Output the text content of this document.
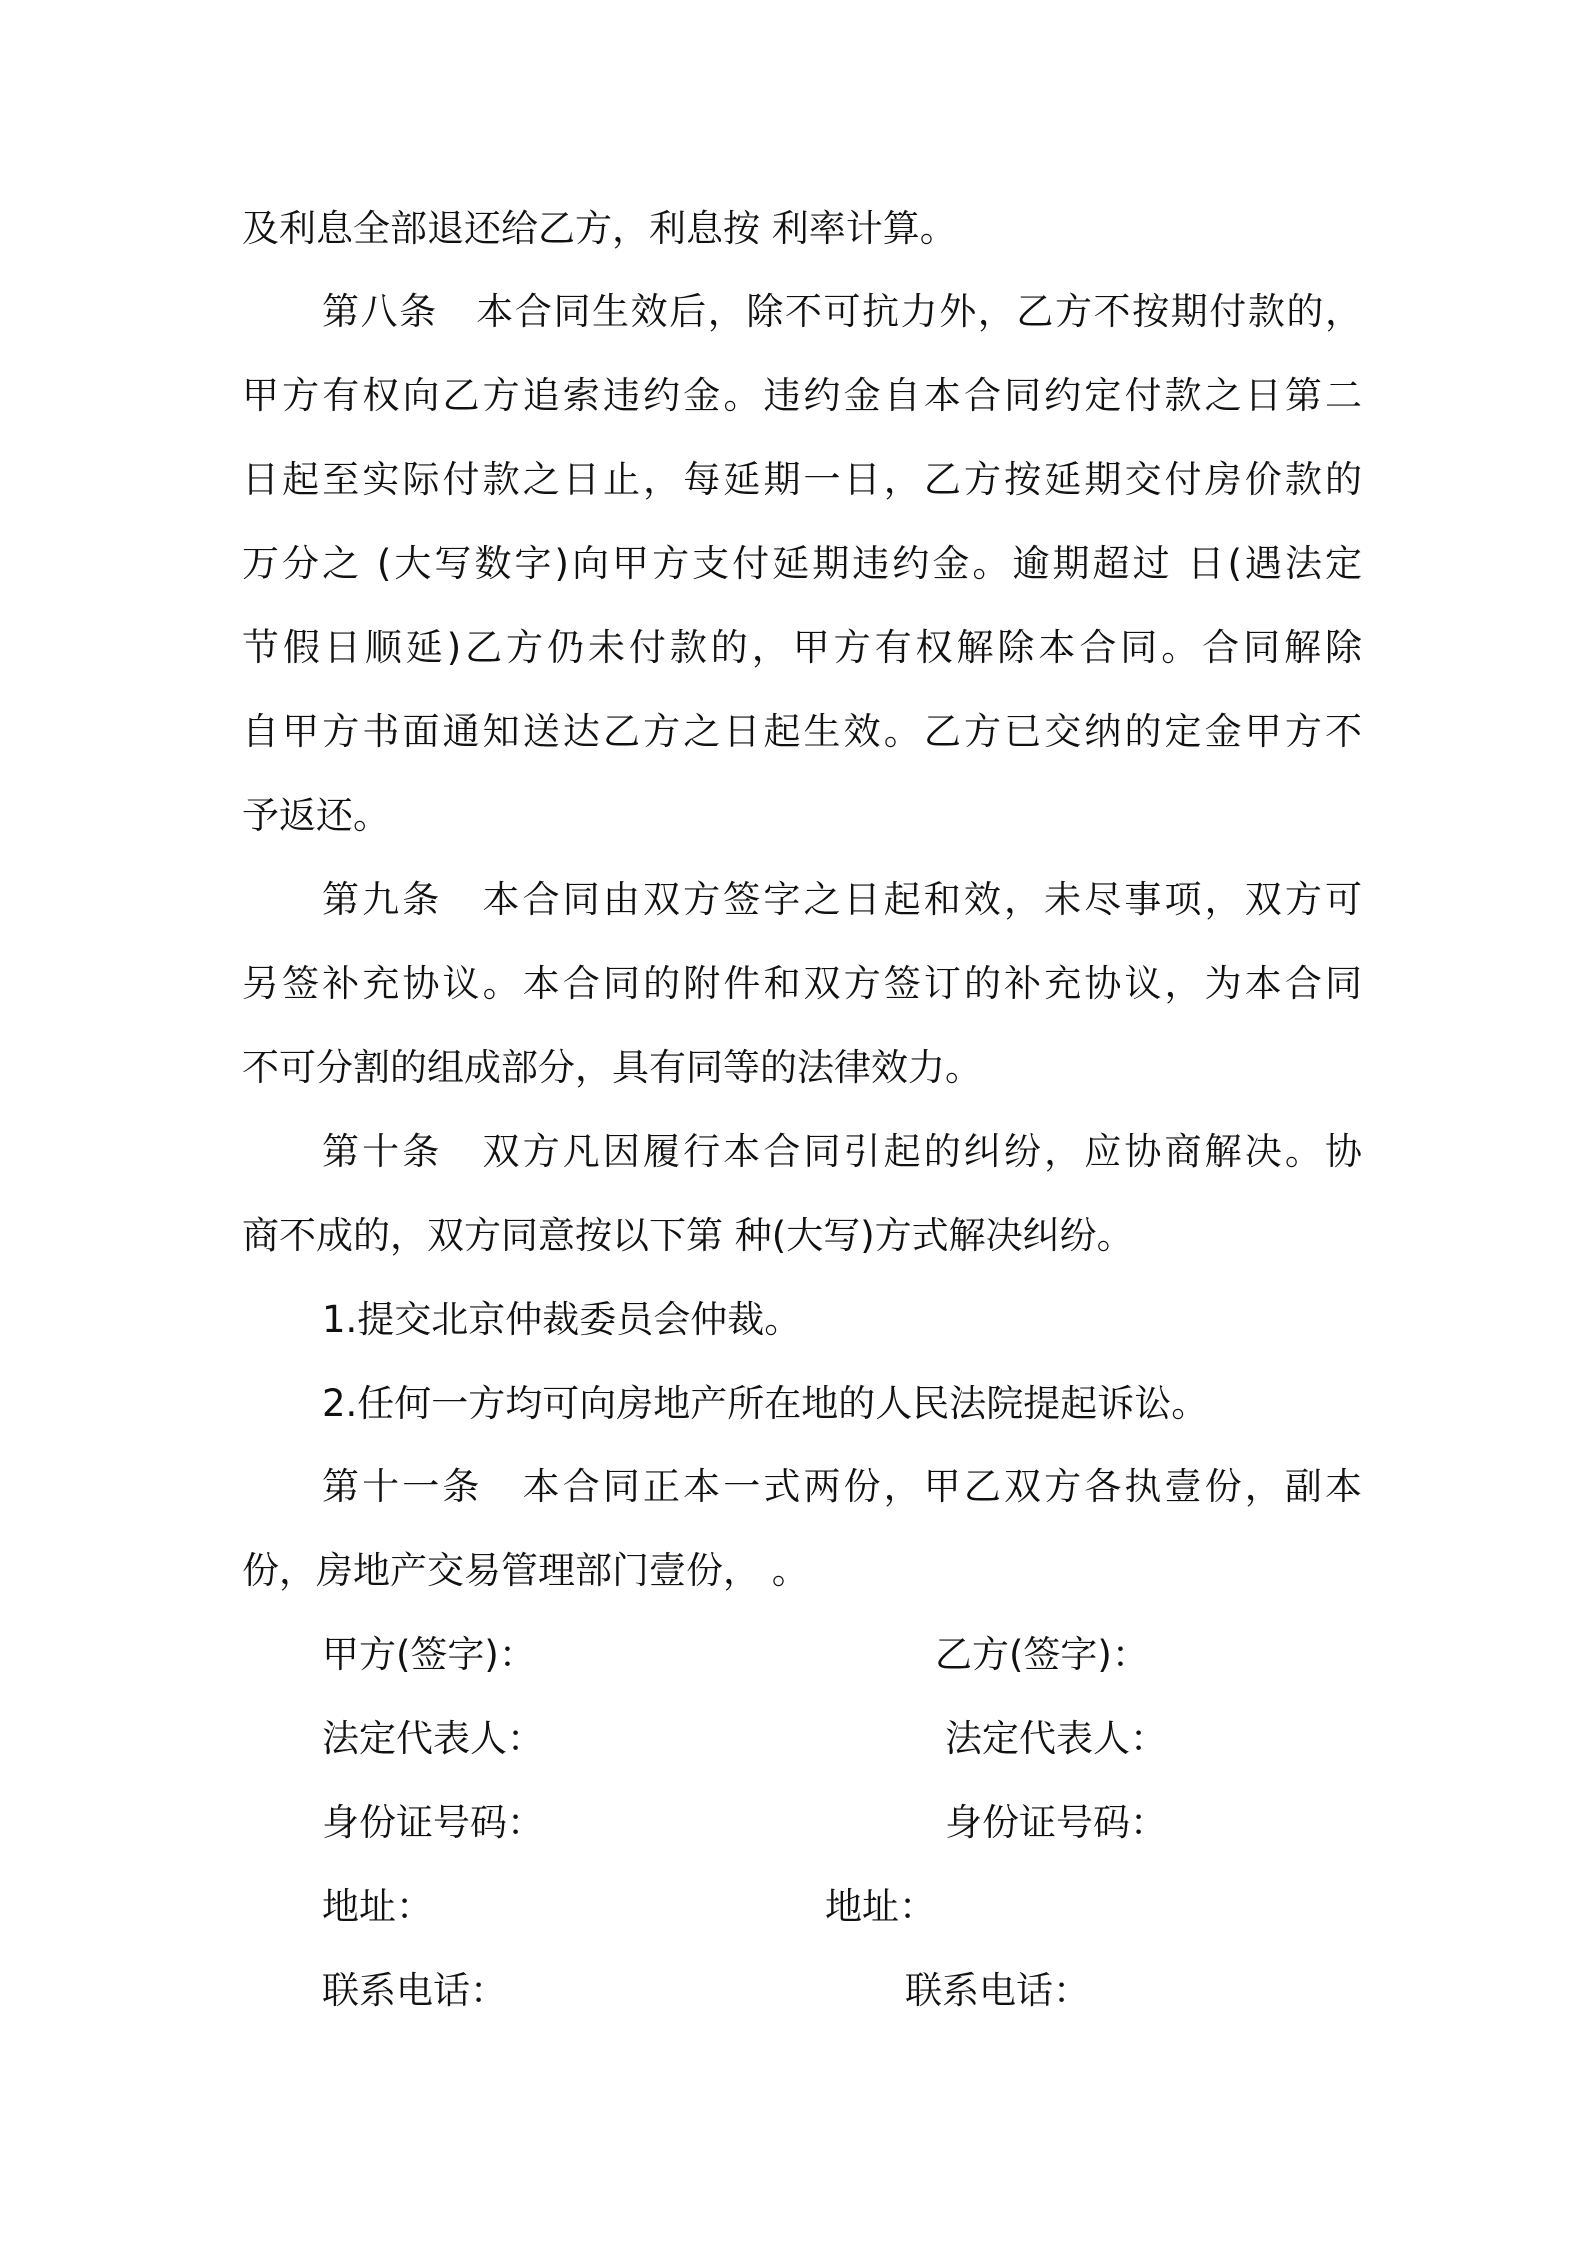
及利息全部退还给乙方，利息按 利率计算。
第八条　本合同生效后，除不可抗力外，乙方不按期付款的，
甲方有权向乙方追索违约金。违约金自本合同约定付款之日第二
日起至实际付款之日止，每延期一日，乙方按延期交付房价款的
万分之 (大写数字)向甲方支付延期违约金。逾期超过 日(遇法定
节假日顺延)乙方仍未付款的，甲方有权解除本合同。合同解除
自甲方书面通知送达乙方之日起生效。乙方已交纳的定金甲方不
予返还。
第九条　本合同由双方签字之日起和效，未尽事项，双方可
另签补充协议。本合同的附件和双方签订的补充协议，为本合同
不可分割的组成部分，具有同等的法律效力。
第十条　双方凡因履行本合同引起的纠纷，应协商解决。协
商不成的，双方同意按以下第 种(大写)方式解决纠纷。
1.提交北京仲裁委员会仲裁。
2.任何一方均可向房地产所在地的人民法院提起诉讼。
第十一条　本合同正本一式两份，甲乙双方各执壹份，副本
份，房地产交易管理部门壹份， 。
甲方(签字)：	乙方(签字)：
法定代表人：	法定代表人：
身份证号码：	身份证号码：
地址：	地址：
联系电话：	联系电话：
